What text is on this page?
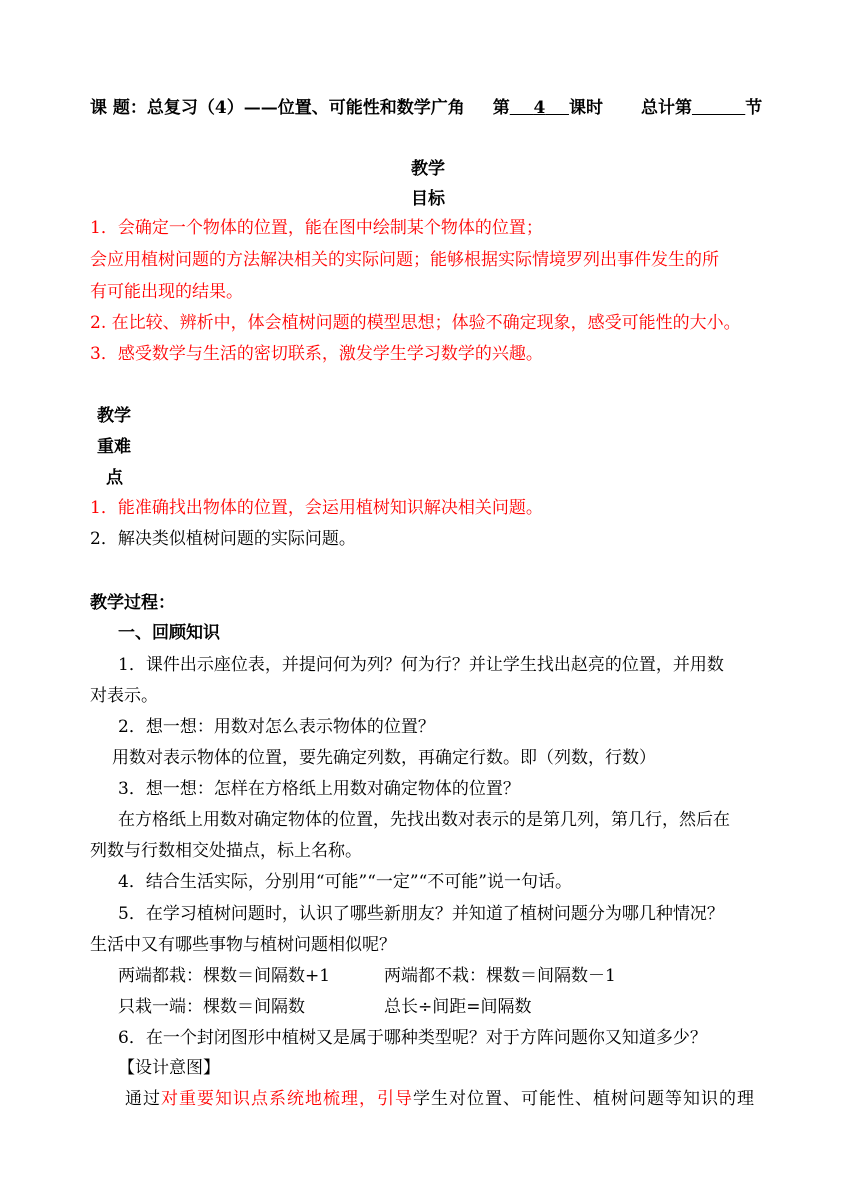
课 题：总复习（4）——位置、可能性和数学广角 第 4 课时 总计第	节
教学
目标
1．会确定一个物体的位置，能在图中绘制某个物体的位置；
会应用植树问题的方法解决相关的实际问题；能够根据实际情境罗列出事件发生的所
有可能出现的结果。
2. 在比较、辨析中，体会植树问题的模型思想；体验不确定现象，感受可能性的大小。
3．感受数学与生活的密切联系，激发学生学习数学的兴趣。
教学
重难
点
1．能准确找出物体的位置，会运用植树知识解决相关问题。
2．解决类似植树问题的实际问题。
教学过程：
一、回顾知识
1．课件出示座位表，并提问何为列？何为行？并让学生找出赵亮的位置，并用数
对表示。
2．想一想：用数对怎么表示物体的位置？
用数对表示物体的位置，要先确定列数，再确定行数。即（列数，行数）
3．想一想：怎样在方格纸上用数对确定物体的位置？
在方格纸上用数对确定物体的位置，先找出数对表示的是第几列，第几行，然后在
列数与行数相交处描点，标上名称。
4．结合生活实际，分别用“可能”“一定”“不可能”说一句话。
5．在学习植树问题时，认识了哪些新朋友？并知道了植树问题分为哪几种情况？
生活中又有哪些事物与植树问题相似呢？
两端都栽：棵数＝间隔数+1	两端都不栽：棵数＝间隔数－1
只栽一端：棵数＝间隔数	总长÷间距=间隔数
6．在一个封闭图形中植树又是属于哪种类型呢？对于方阵问题你又知道多少？
【设计意图】
通过对重要知识点系统地梳理，引导学生对位置、可能性、植树问题等知识的理
